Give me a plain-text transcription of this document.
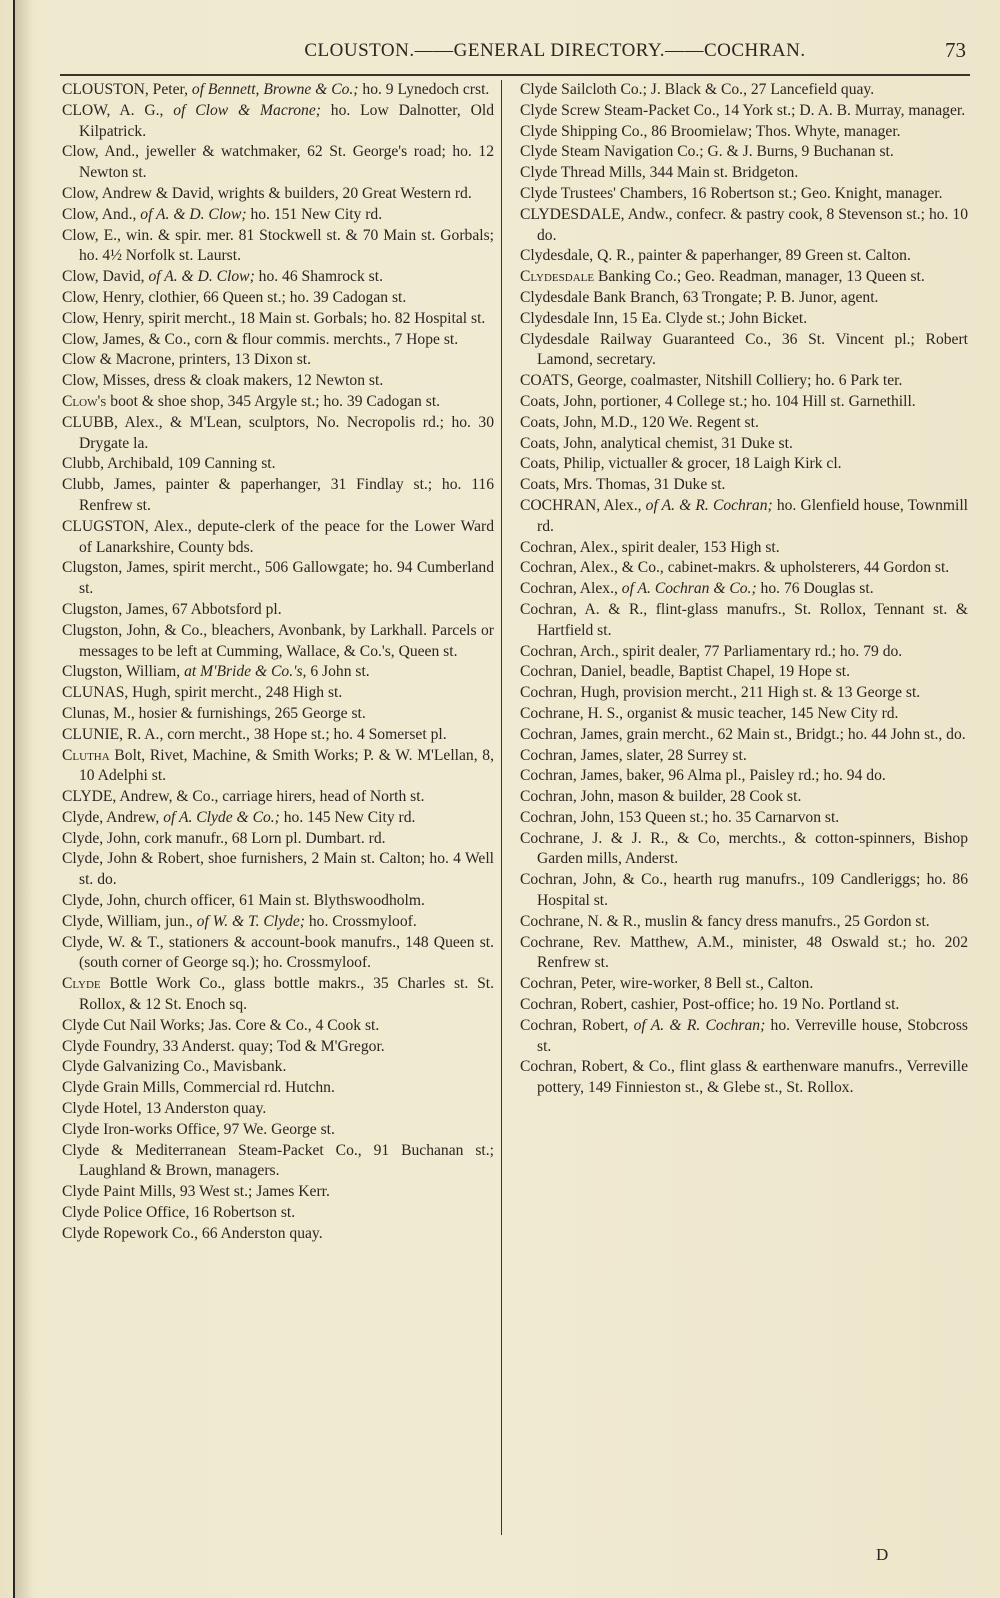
CLOUSTON.——GENERAL DIRECTORY.——COCHRAN.	73
CLOUSTON, Peter, of Bennett, Browne & Co.; ho. 9 Lynedoch crst.
CLOW, A. G., of Clow & Macrone; ho. Low Dalnotter, Old Kilpatrick.
Clow, And., jeweller & watchmaker, 62 St. George's road; ho. 12 Newton st.
Clow, Andrew & David, wrights & builders, 20 Great Western rd.
Clow, And., of A. & D. Clow; ho. 151 New City rd.
Clow, E., win. & spir. mer. 81 Stockwell st. & 70 Main st. Gorbals; ho. 4½ Norfolk st. Laurst.
Clow, David, of A. & D. Clow; ho. 46 Shamrock st.
Clow, Henry, clothier, 66 Queen st.; ho. 39 Cadogan st.
Clow, Henry, spirit mercht., 18 Main st. Gorbals; ho. 82 Hospital st.
Clow, James, & Co., corn & flour commis. merchts., 7 Hope st.
Clow & Macrone, printers, 13 Dixon st.
Clow, Misses, dress & cloak makers, 12 Newton st.
Clow's boot & shoe shop, 345 Argyle st.; ho. 39 Cadogan st.
CLUBB, Alex., & M'Lean, sculptors, No. Necropolis rd.; ho. 30 Drygate la.
Clubb, Archibald, 109 Canning st.
Clubb, James, painter & paperhanger, 31 Findlay st.; ho. 116 Renfrew st.
CLUGSTON, Alex., depute-clerk of the peace for the Lower Ward of Lanarkshire, County bds.
Clugston, James, spirit mercht., 506 Gallowgate; ho. 94 Cumberland st.
Clugston, James, 67 Abbotsford pl.
Clugston, John, & Co., bleachers, Avonbank, by Larkhall. Parcels or messages to be left at Cumming, Wallace, & Co.'s, Queen st.
Clugston, William, at M'Bride & Co.'s, 6 John st.
CLUNAS, Hugh, spirit mercht., 248 High st.
Clunas, M., hosier & furnishings, 265 George st.
CLUNIE, R. A., corn mercht., 38 Hope st.; ho. 4 Somerset pl.
Clutha Bolt, Rivet, Machine, & Smith Works; P. & W. M'Lellan, 8, 10 Adelphi st.
CLYDE, Andrew, & Co., carriage hirers, head of North st.
Clyde, Andrew, of A. Clyde & Co.; ho. 145 New City rd.
Clyde, John, cork manufr., 68 Lorn pl. Dumbart. rd.
Clyde, John & Robert, shoe furnishers, 2 Main st. Calton; ho. 4 Well st. do.
Clyde, John, church officer, 61 Main st. Blythswoodholm.
Clyde, William, jun., of W. & T. Clyde; ho. Crossmyloof.
Clyde, W. & T., stationers & account-book manufrs., 148 Queen st. (south corner of George sq.); ho. Crossmyloof.
Clyde Bottle Work Co., glass bottle makrs., 35 Charles st. St. Rollox, & 12 St. Enoch sq.
Clyde Cut Nail Works; Jas. Core & Co., 4 Cook st.
Clyde Foundry, 33 Anderst. quay; Tod & M'Gregor.
Clyde Galvanizing Co., Mavisbank.
Clyde Grain Mills, Commercial rd. Hutchn.
Clyde Hotel, 13 Anderston quay.
Clyde Iron-works Office, 97 We. George st.
Clyde & Mediterranean Steam-Packet Co., 91 Buchanan st.; Laughland & Brown, managers.
Clyde Paint Mills, 93 West st.; James Kerr.
Clyde Police Office, 16 Robertson st.
Clyde Ropework Co., 66 Anderston quay.
Clyde Sailcloth Co.; J. Black & Co., 27 Lancefield quay.
Clyde Screw Steam-Packet Co., 14 York st.; D. A. B. Murray, manager.
Clyde Shipping Co., 86 Broomielaw; Thos. Whyte, manager.
Clyde Steam Navigation Co.; G. & J. Burns, 9 Buchanan st.
Clyde Thread Mills, 344 Main st. Bridgeton.
Clyde Trustees' Chambers, 16 Robertson st.; Geo. Knight, manager.
CLYDESDALE, Andw., confecr. & pastry cook, 8 Stevenson st.; ho. 10 do.
Clydesdale, Q. R., painter & paperhanger, 89 Green st. Calton.
Clydesdale Banking Co.; Geo. Readman, manager, 13 Queen st.
Clydesdale Bank Branch, 63 Trongate; P. B. Junor, agent.
Clydesdale Inn, 15 Ea. Clyde st.; John Bicket.
Clydesdale Railway Guaranteed Co., 36 St. Vincent pl.; Robert Lamond, secretary.
COATS, George, coalmaster, Nitshill Colliery; ho. 6 Park ter.
Coats, John, portioner, 4 College st.; ho. 104 Hill st. Garnethill.
Coats, John, M.D., 120 We. Regent st.
Coats, John, analytical chemist, 31 Duke st.
Coats, Philip, victualler & grocer, 18 Laigh Kirk cl.
Coats, Mrs. Thomas, 31 Duke st.
COCHRAN, Alex., of A. & R. Cochran; ho. Glenfield house, Townmill rd.
Cochran, Alex., spirit dealer, 153 High st.
Cochran, Alex., & Co., cabinet-makrs. & upholsterers, 44 Gordon st.
Cochran, Alex., of A. Cochran & Co.; ho. 76 Douglas st.
Cochran, A. & R., flint-glass manufrs., St. Rollox, Tennant st. & Hartfield st.
Cochran, Arch., spirit dealer, 77 Parliamentary rd.; ho. 79 do.
Cochran, Daniel, beadle, Baptist Chapel, 19 Hope st.
Cochran, Hugh, provision mercht., 211 High st. & 13 George st.
Cochrane, H. S., organist & music teacher, 145 New City rd.
Cochran, James, grain mercht., 62 Main st., Bridgt.; ho. 44 John st., do.
Cochran, James, slater, 28 Surrey st.
Cochran, James, baker, 96 Alma pl., Paisley rd.; ho. 94 do.
Cochran, John, mason & builder, 28 Cook st.
Cochran, John, 153 Queen st.; ho. 35 Carnarvon st.
Cochrane, J. & J. R., & Co, merchts., & cotton-spinners, Bishop Garden mills, Anderst.
Cochran, John, & Co., hearth rug manufrs., 109 Candleriggs; ho. 86 Hospital st.
Cochrane, N. & R., muslin & fancy dress manufrs., 25 Gordon st.
Cochrane, Rev. Matthew, A.M., minister, 48 Oswald st.; ho. 202 Renfrew st.
Cochran, Peter, wire-worker, 8 Bell st., Calton.
Cochran, Robert, cashier, Post-office; ho. 19 No. Portland st.
Cochran, Robert, of A. & R. Cochran; ho. Verreville house, Stobcross st.
Cochran, Robert, & Co., flint glass & earthenware manufrs., Verreville pottery, 149 Finnieston st., & Glebe st., St. Rollox.
D
